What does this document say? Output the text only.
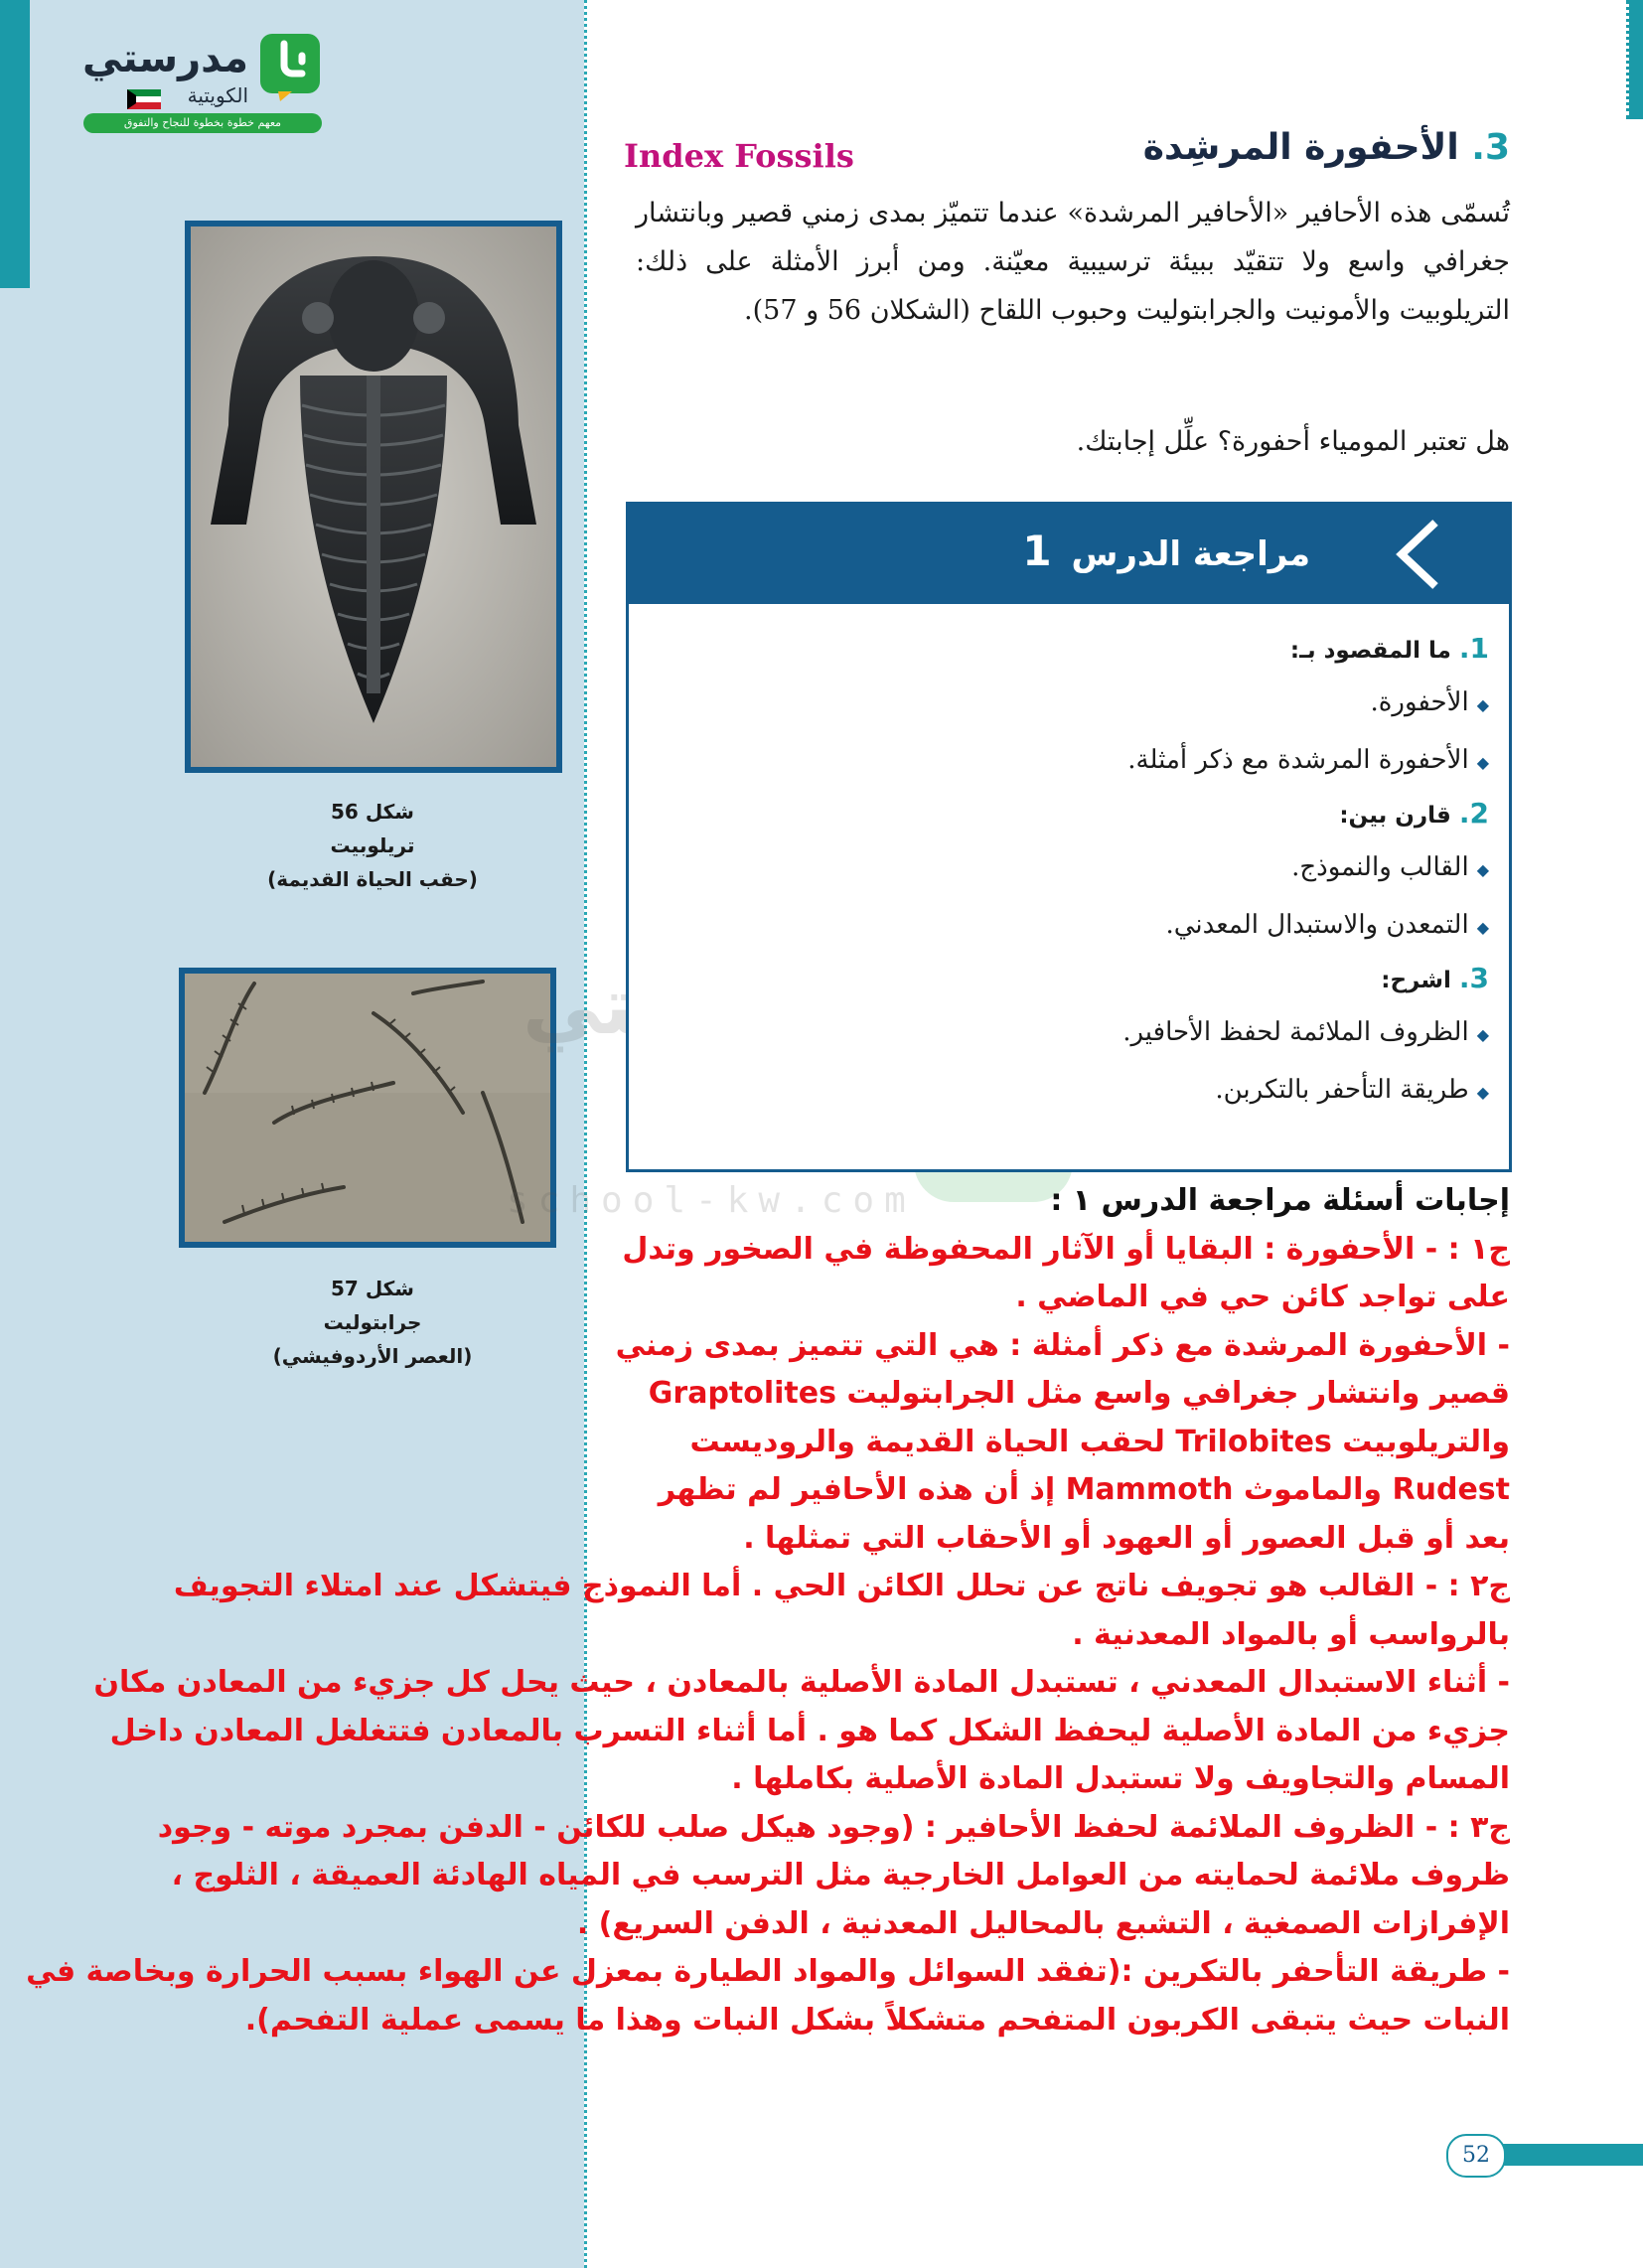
مدرستي
الكويتية
معهم خطوة بخطوة للنجاح والتفوق
شكل 56
تريلوبيت
(حقب الحياة القديمة)
شكل 57
جرابتوليت
(العصر الأردوفيشي)
school-kw.com
3. الأحفورة المرشِدة
Index Fossils
تُسمّى هذه الأحافير «الأحافير المرشدة» عندما تتميّز بمدى زمني قصير وبانتشار جغرافي واسع ولا تتقيّد ببيئة ترسيبية معيّنة. ومن أبرز الأمثلة على ذلك: التريلوبيت والأمونيت والجرابتوليت وحبوب اللقاح (الشكلان 56 و 57).
هل تعتبر المومياء أحفورة؟ علِّل إجابتك.
مراجعة الدرس 1
1. ما المقصود بـ:
◆الأحفورة.
◆الأحفورة المرشدة مع ذكر أمثلة.
2. قارن بين:
◆القالب والنموذج.
◆التمعدن والاستبدال المعدني.
3. اشرح:
◆الظروف الملائمة لحفظ الأحافير.
◆طريقة التأحفر بالتكربن.
إجابات أسئلة مراجعة الدرس ١ :
ج١ : - الأحفورة : البقايا أو الآثار المحفوظة في الصخور وتدل
على تواجد كائن حي في الماضي .
- الأحفورة المرشدة مع ذكر أمثلة : هي التي تتميز بمدى زمني
قصير وانتشار جغرافي واسع مثل الجرابتوليت Graptolites
والتريلوبيت Trilobites لحقب الحياة القديمة والروديست
Rudest والماموث Mammoth إذ أن هذه الأحافير لم تظهر
بعد أو قبل العصور أو العهود أو الأحقاب التي تمثلها .
ج٢ : - القالب هو تجويف ناتج عن تحلل الكائن الحي . أما النموذج فيتشكل عند امتلاء التجويف
بالرواسب أو بالمواد المعدنية .
- أثناء الاستبدال المعدني ، تستبدل المادة الأصلية بالمعادن ، حيث يحل كل جزيء من المعادن مكان
جزيء من المادة الأصلية ليحفظ الشكل كما هو . أما أثناء التسرب بالمعادن فتتغلغل المعادن داخل
المسام والتجاويف ولا تستبدل المادة الأصلية بكاملها .
ج٣ : - الظروف الملائمة لحفظ الأحافير : (وجود هيكل صلب للكائن - الدفن بمجرد موته - وجود
ظروف ملائمة لحمايته من العوامل الخارجية مثل الترسب في المياه الهادئة العميقة ، الثلوج ،
الإفرازات الصمغية ، التشبع بالمحاليل المعدنية ، الدفن السريع) .
- طريقة التأحفر بالتكرين :(تفقد السوائل والمواد الطيارة بمعزل عن الهواء بسبب الحرارة وبخاصة في
النبات حيث يتبقى الكربون المتفحم متشكلاً بشكل النبات وهذا ما يسمى عملية التفحم).
52
